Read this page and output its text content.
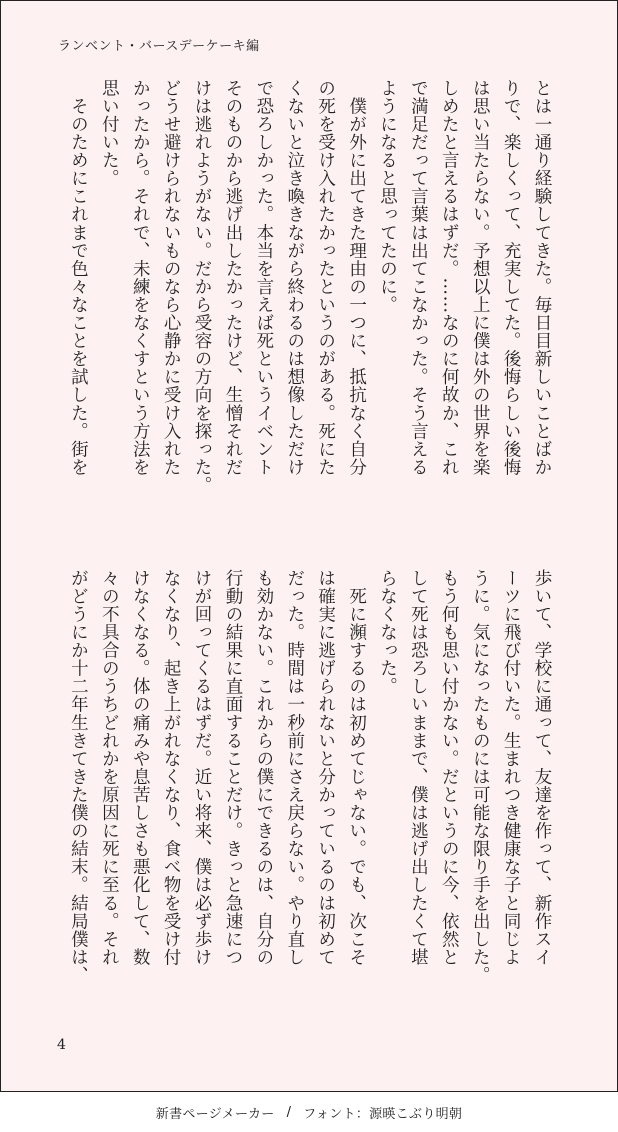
ランベント・バースデーケーキ編
とは一通り経験してきた。毎日目新しいことばか
りで、楽しくって、充実してた。後悔らしい後悔
は思い当たらない。予想以上に僕は外の世界を楽
しめたと言えるはずだ。……なのに何故か、これ
で満足だって言葉は出てこなかった。そう言える
ようになると思ってたのに。
　僕が外に出てきた理由の一つに、抵抗なく自分
の死を受け入れたかったというのがある。死にた
くないと泣き喚きながら終わるのは想像しただけ
で恐ろしかった。本当を言えば死というイベント
そのものから逃げ出したかったけど、生憎それだ
けは逃れようがない。だから受容の方向を探った。
どうせ避けられないものなら心静かに受け入れた
かったから。それで、未練をなくすという方法を
思い付いた。
　そのためにこれまで色々なことを試した。街を
歩いて、学校に通って、友達を作って、新作スイ
ーツに飛び付いた。生まれつき健康な子と同じよ
うに。気になったものには可能な限り手を出した。
もう何も思い付かない。だというのに今、依然と
して死は恐ろしいままで、僕は逃げ出したくて堪
らなくなった。
　死に瀕するのは初めてじゃない。でも、次こそ
は確実に逃げられないと分かっているのは初めて
だった。時間は一秒前にさえ戻らない。やり直し
も効かない。これからの僕にできるのは、自分の
行動の結果に直面することだけ。きっと急速につ
けが回ってくるはずだ。近い将来、僕は必ず歩け
なくなり、起き上がれなくなり、食べ物を受け付
けなくなる。体の痛みや息苦しさも悪化して、数
々の不具合のうちどれかを原因に死に至る。それ
がどうにか十二年生きてきた僕の結末。結局僕は、
4
新書ページメーカー / フォント：源暎こぶり明朝
